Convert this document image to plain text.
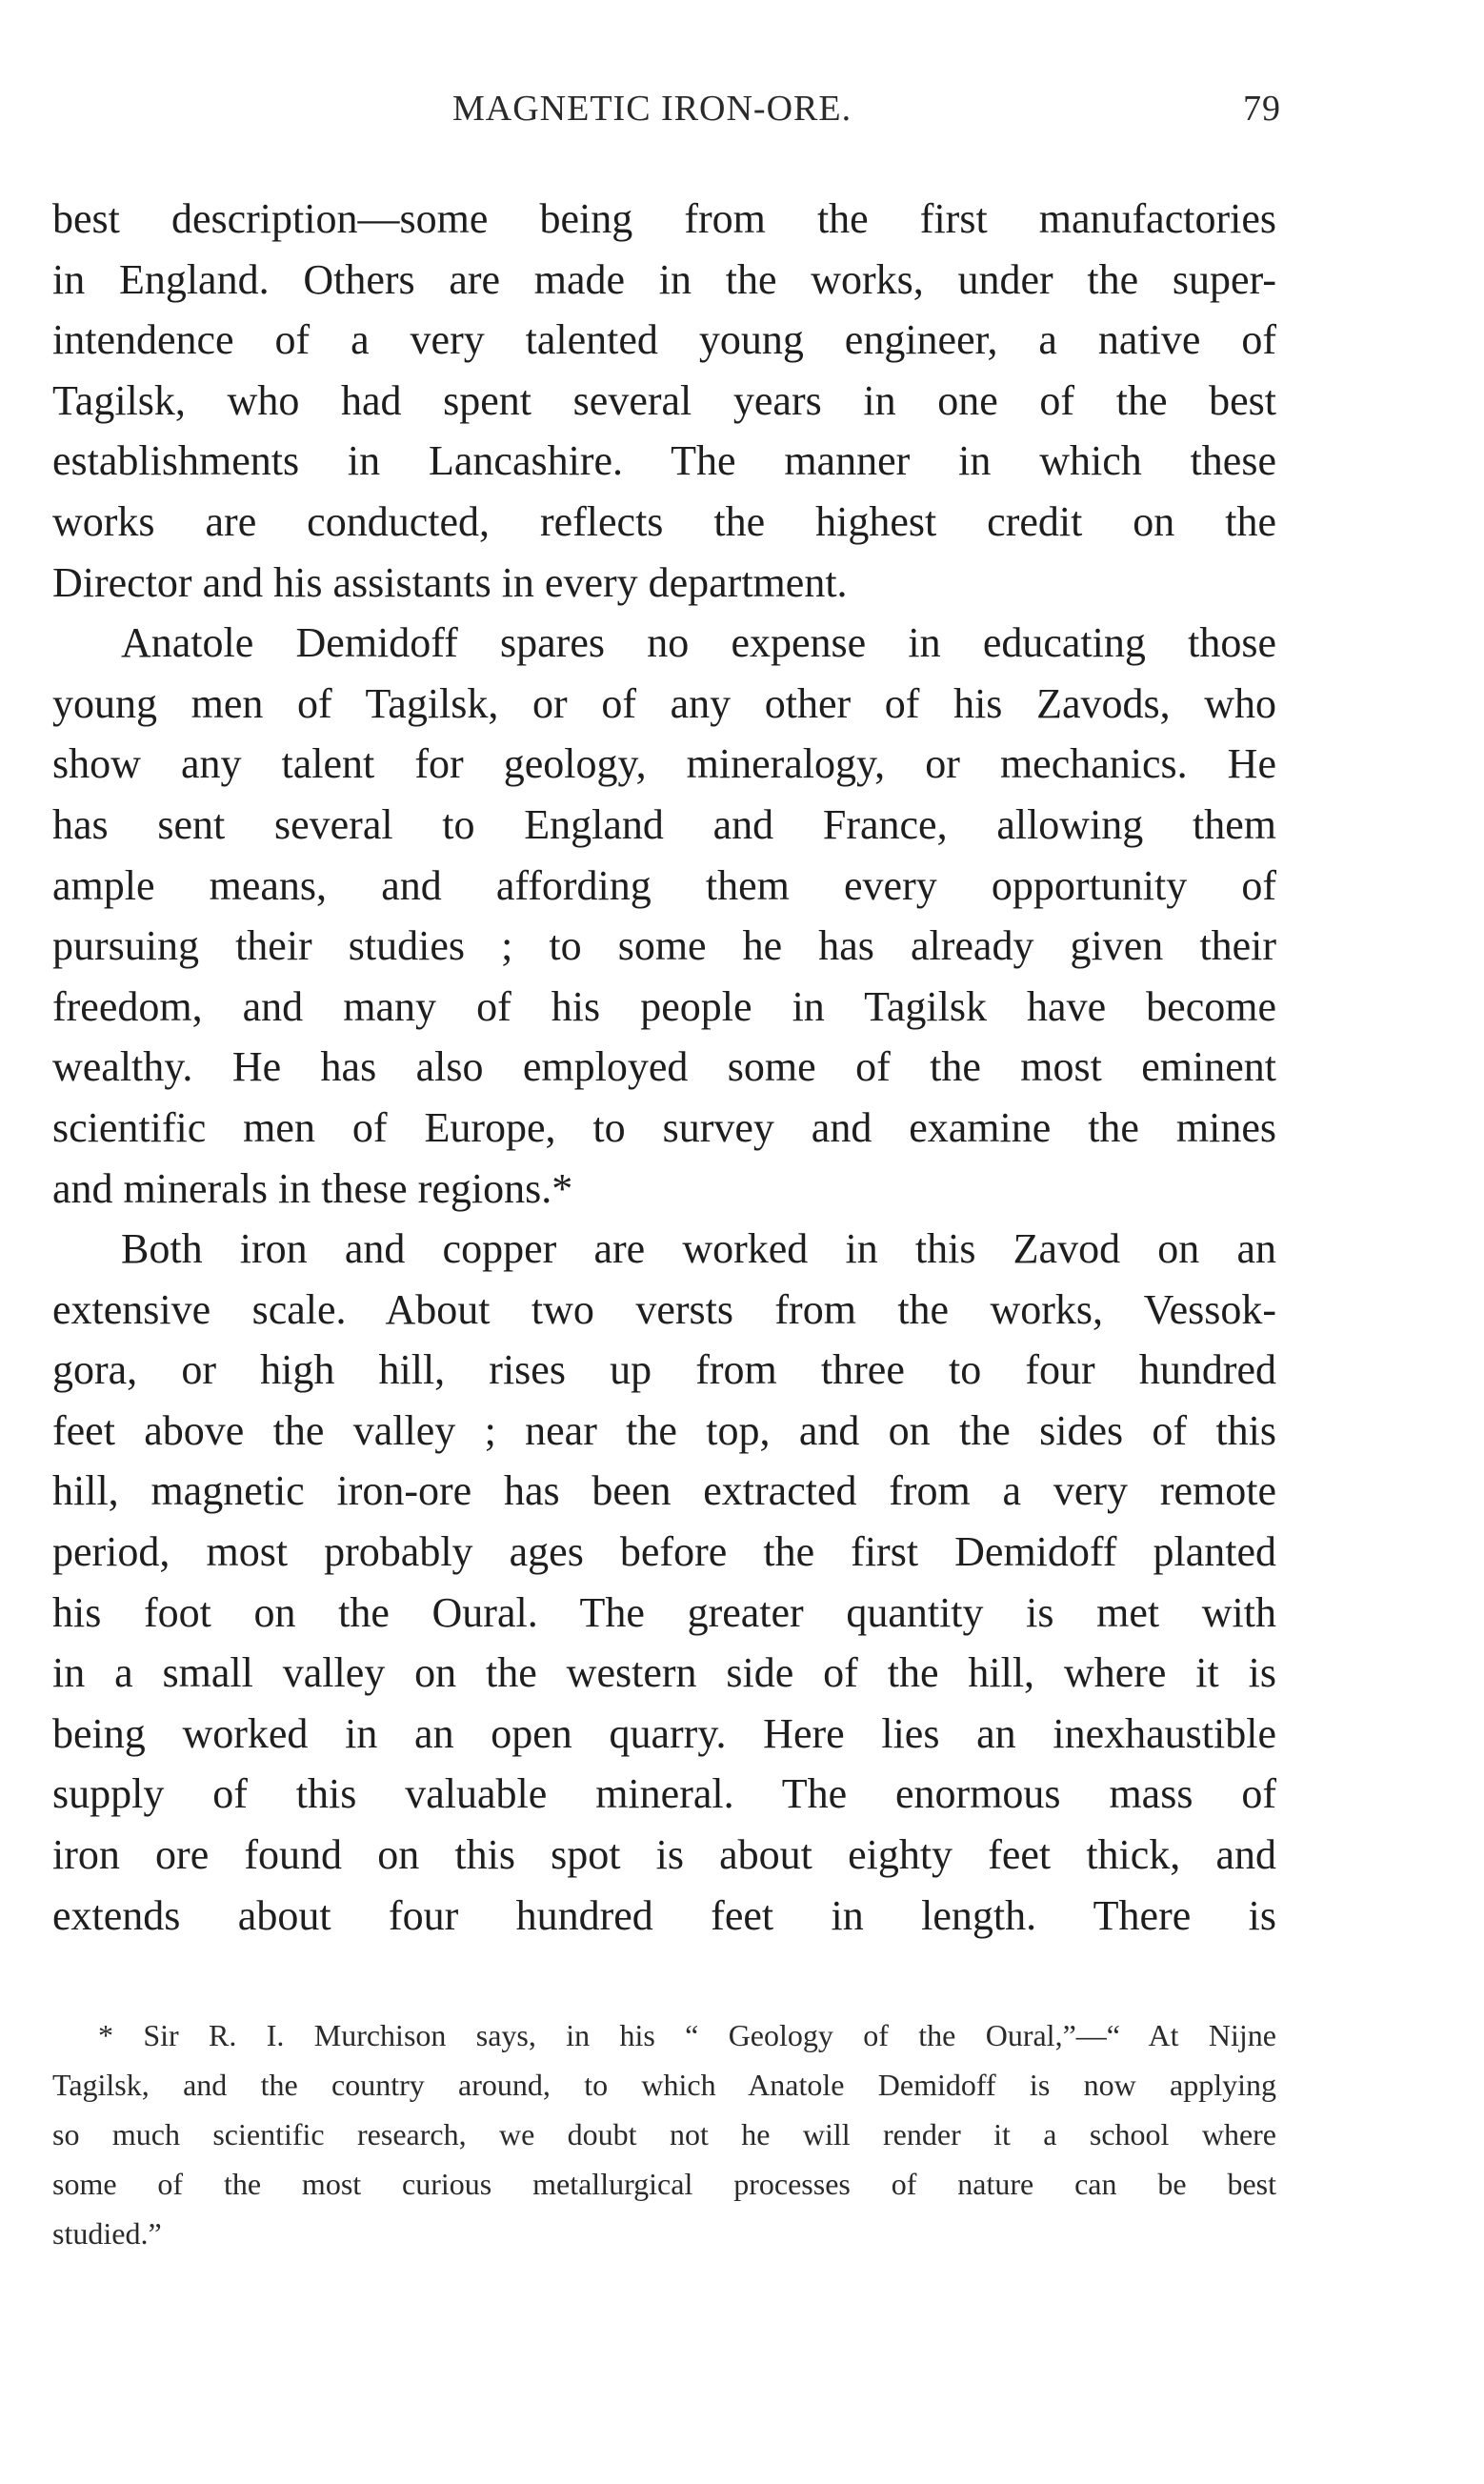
MAGNETIC IRON-ORE.	79
best description—some being from the first manufactories
in England. Others are made in the works, under the super-
intendence of a very talented young engineer, a native of
Tagilsk, who had spent several years in one of the best
establishments in Lancashire. The manner in which these
works are conducted, reflects the highest credit on the
Director and his assistants in every department.
Anatole Demidoff spares no expense in educating those
young men of Tagilsk, or of any other of his Zavods, who
show any talent for geology, mineralogy, or mechanics. He
has sent several to England and France, allowing them
ample means, and affording them every opportunity of
pursuing their studies ; to some he has already given their
freedom, and many of his people in Tagilsk have become
wealthy. He has also employed some of the most eminent
scientific men of Europe, to survey and examine the mines
and minerals in these regions.*
Both iron and copper are worked in this Zavod on an
extensive scale. About two versts from the works, Vessok-
gora, or high hill, rises up from three to four hundred
feet above the valley ; near the top, and on the sides of this
hill, magnetic iron-ore has been extracted from a very remote
period, most probably ages before the first Demidoff planted
his foot on the Oural. The greater quantity is met with
in a small valley on the western side of the hill, where it is
being worked in an open quarry. Here lies an inexhaustible
supply of this valuable mineral. The enormous mass of
iron ore found on this spot is about eighty feet thick, and
extends about four hundred feet in length. There is
* Sir R. I. Murchison says, in his “ Geology of the Oural,”—“ At Nijne
Tagilsk, and the country around, to which Anatole Demidoff is now applying
so much scientific research, we doubt not he will render it a school where
some of the most curious metallurgical processes of nature can be best
studied.”
